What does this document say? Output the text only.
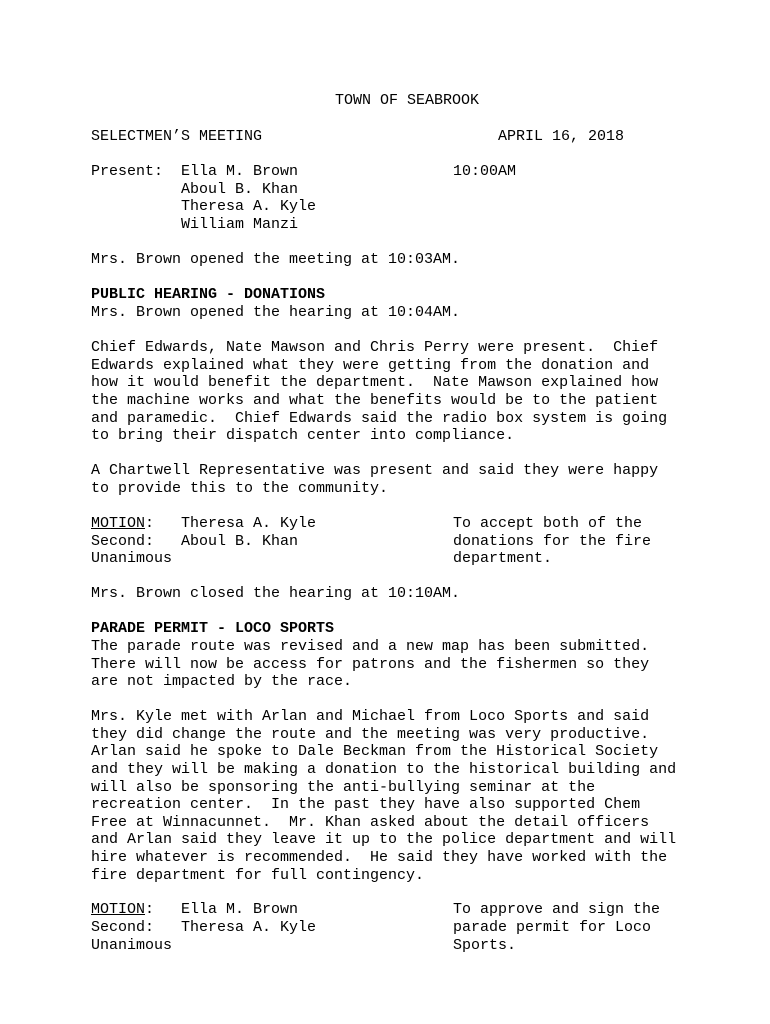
TOWN OF SEABROOK
SELECTMEN’S MEETING	APRIL 16, 2018
Present:	10:00AM
Ella M. Brown
Aboul B. Khan
Theresa A. Kyle
William Manzi
Mrs. Brown opened the meeting at 10:03AM.
PUBLIC HEARING - DONATIONS
Mrs. Brown opened the hearing at 10:04AM.
Chief Edwards, Nate Mawson and Chris Perry were present.  Chief
Edwards explained what they were getting from the donation and
how it would benefit the department.  Nate Mawson explained how
the machine works and what the benefits would be to the patient
and paramedic.  Chief Edwards said the radio box system is going
to bring their dispatch center into compliance.
A Chartwell Representative was present and said they were happy
to provide this to the community.
MOTION: Theresa A. Kyle
Second: Aboul B. Khan
Unanimous
To accept both of the
donations for the fire
department.
Mrs. Brown closed the hearing at 10:10AM.
PARADE PERMIT - LOCO SPORTS
The parade route was revised and a new map has been submitted.
There will now be access for patrons and the fishermen so they
are not impacted by the race.
Mrs. Kyle met with Arlan and Michael from Loco Sports and said
they did change the route and the meeting was very productive.
Arlan said he spoke to Dale Beckman from the Historical Society
and they will be making a donation to the historical building and
will also be sponsoring the anti-bullying seminar at the
recreation center.  In the past they have also supported Chem
Free at Winnacunnet.  Mr. Khan asked about the detail officers
and Arlan said they leave it up to the police department and will
hire whatever is recommended.  He said they have worked with the
fire department for full contingency.
MOTION: Ella M. Brown
Second: Theresa A. Kyle
Unanimous
To approve and sign the
parade permit for Loco
Sports.
